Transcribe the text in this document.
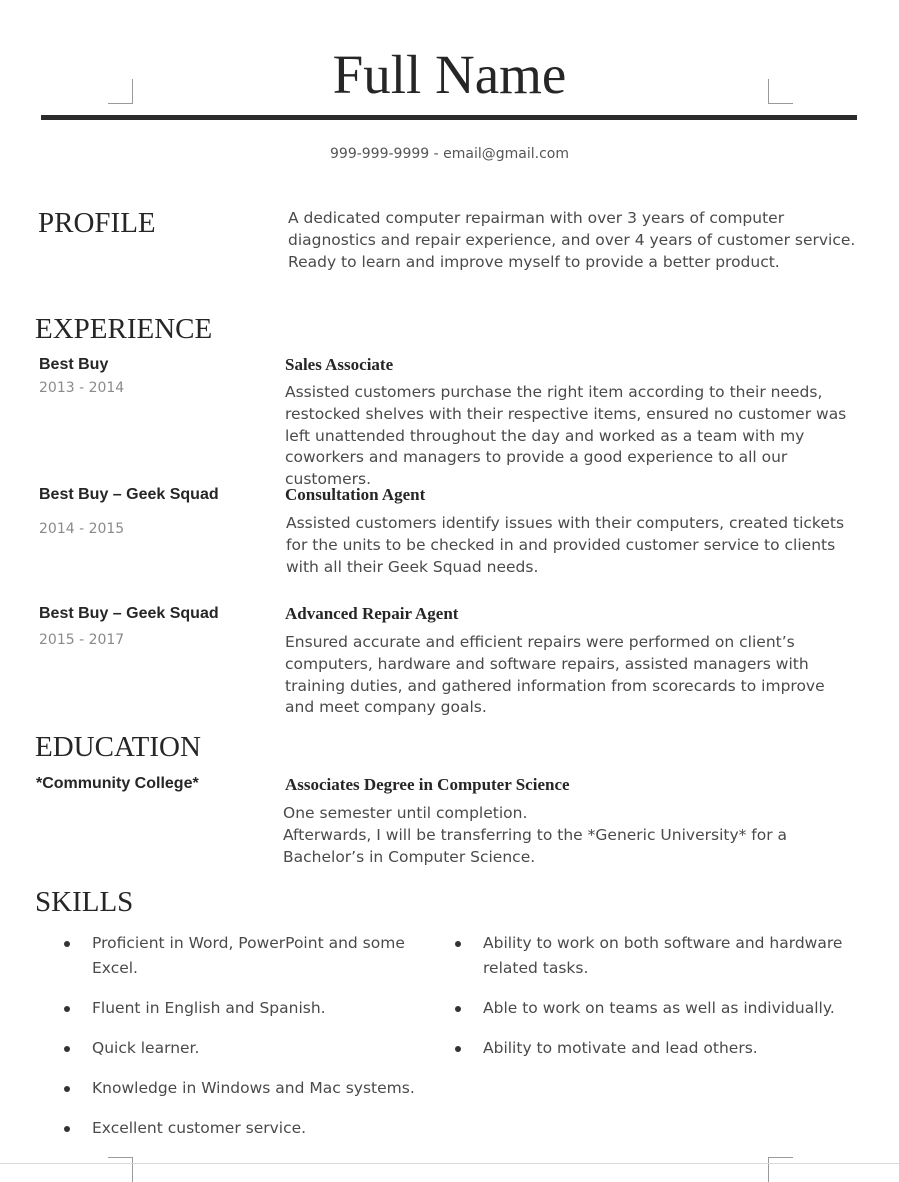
Full Name
999-999-9999 - email@gmail.com
PROFILE	A dedicated computer repairman with over 3 years of computer diagnostics and repair experience, and over 4 years of customer service. Ready to learn and improve myself to provide a better product.
EXPERIENCE
Best Buy
2013 - 2014
Sales Associate
Assisted customers purchase the right item according to their needs, restocked shelves with their respective items, ensured no customer was left unattended throughout the day and worked as a team with my coworkers and managers to provide a good experience to all our customers.
Best Buy – Geek Squad
2014 - 2015
Consultation Agent
Assisted customers identify issues with their computers, created tickets for the units to be checked in and provided customer service to clients with all their Geek Squad needs.
Best Buy – Geek Squad
2015 - 2017
Advanced Repair Agent
Ensured accurate and efficient repairs were performed on client’s computers, hardware and software repairs, assisted managers with training duties, and gathered information from scorecards to improve and meet company goals.
EDUCATION
*Community College*	Associates Degree in Computer Science
One semester until completion.
Afterwards, I will be transferring to the *Generic University* for a Bachelor’s in Computer Science.
SKILLS
Proficient in Word, PowerPoint and some Excel.
Fluent in English and Spanish.
Quick learner.
Knowledge in Windows and Mac systems.
Excellent customer service.
Ability to work on both software and hardware related tasks.
Able to work on teams as well as individually.
Ability to motivate and lead others.
